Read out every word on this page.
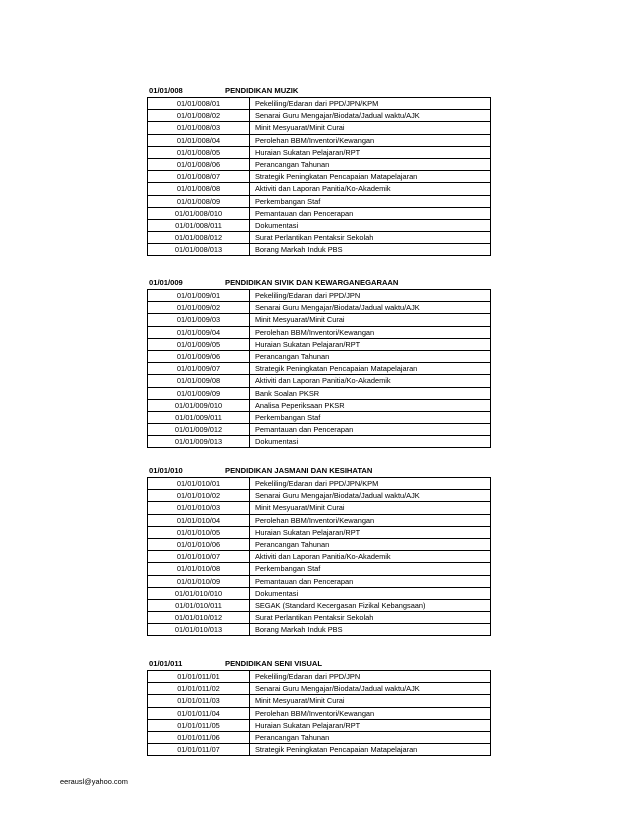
01/01/008	PENDIDIKAN MUZIK
01/01/008/01	Pekeliling/Edaran dari PPD/JPN/KPM
01/01/008/02	Senarai Guru Mengajar/Biodata/Jadual waktu/AJK
01/01/008/03	Minit Mesyuarat/Minit Curai
01/01/008/04	Perolehan BBM/Inventori/Kewangan
01/01/008/05	Huraian Sukatan Pelajaran/RPT
01/01/008/06	Perancangan Tahunan
01/01/008/07	Strategik Peningkatan Pencapaian Matapelajaran
01/01/008/08	Aktiviti dan Laporan Panitia/Ko-Akademik
01/01/008/09	Perkembangan Staf
01/01/008/010	Pemantauan dan Pencerapan
01/01/008/011	Dokumentasi
01/01/008/012	Surat Perlantikan Pentaksir Sekolah
01/01/008/013	Borang Markah Induk PBS
01/01/009	PENDIDIKAN SIVIK DAN KEWARGANEGARAAN
01/01/009/01	Pekeliling/Edaran dari PPD/JPN
01/01/009/02	Senarai Guru Mengajar/Biodata/Jadual waktu/AJK
01/01/009/03	Minit Mesyuarat/Minit Curai
01/01/009/04	Perolehan BBM/Inventori/Kewangan
01/01/009/05	Huraian Sukatan Pelajaran/RPT
01/01/009/06	Perancangan Tahunan
01/01/009/07	Strategik Peningkatan Pencapaian Matapelajaran
01/01/009/08	Aktiviti dan Laporan Panitia/Ko-Akademik
01/01/009/09	Bank Soalan PKSR
01/01/009/010	Analisa Peperiksaan PKSR
01/01/009/011	Perkembangan Staf
01/01/009/012	Pemantauan dan Pencerapan
01/01/009/013	Dokumentasi
01/01/010	PENDIDIKAN JASMANI DAN KESIHATAN
01/01/010/01	Pekeliling/Edaran dari PPD/JPN/KPM
01/01/010/02	Senarai Guru Mengajar/Biodata/Jadual waktu/AJK
01/01/010/03	Minit Mesyuarat/Minit Curai
01/01/010/04	Perolehan BBM/Inventori/Kewangan
01/01/010/05	Huraian Sukatan Pelajaran/RPT
01/01/010/06	Perancangan Tahunan
01/01/010/07	Aktiviti dan Laporan Panitia/Ko-Akademik
01/01/010/08	Perkembangan Staf
01/01/010/09	Pemantauan dan Pencerapan
01/01/010/010	Dokumentasi
01/01/010/011	SEGAK (Standard Kecergasan Fizikal Kebangsaan)
01/01/010/012	Surat Perlantikan Pentaksir Sekolah
01/01/010/013	Borang Markah Induk PBS
01/01/011	PENDIDIKAN SENI VISUAL
01/01/011/01	Pekeliling/Edaran dari PPD/JPN
01/01/011/02	Senarai Guru Mengajar/Biodata/Jadual waktu/AJK
01/01/011/03	Minit Mesyuarat/Minit Curai
01/01/011/04	Perolehan BBM/Inventori/Kewangan
01/01/011/05	Huraian Sukatan Pelajaran/RPT
01/01/011/06	Perancangan Tahunan
01/01/011/07	Strategik Peningkatan Pencapaian Matapelajaran
eerausl@yahoo.com
